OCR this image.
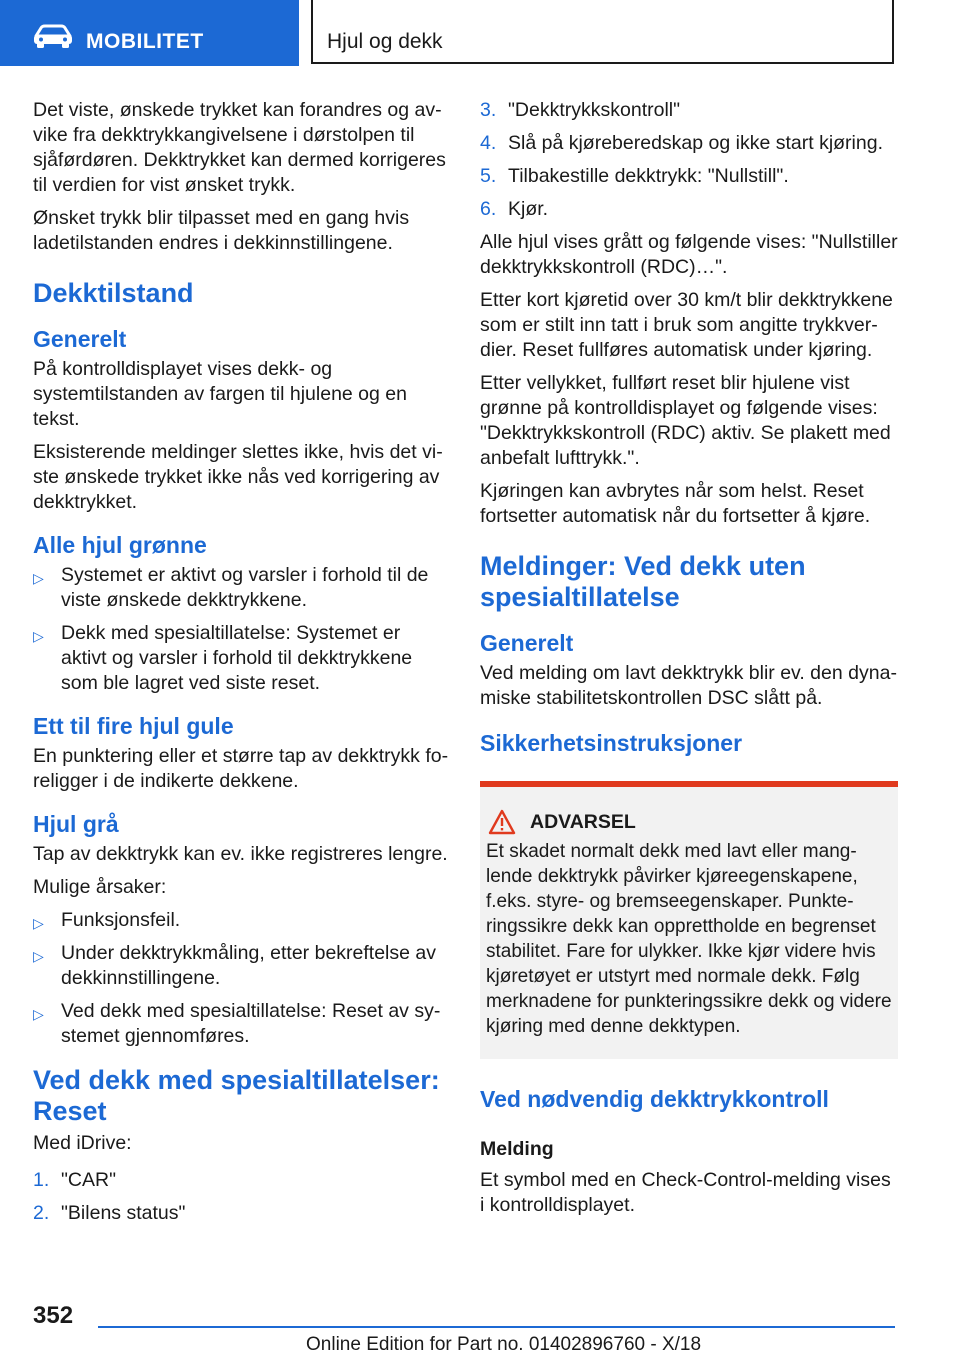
MOBILITET	Hjul og dekk

Det viste, ønskede trykket kan forandres og avvike fra dekktrykkangivelsene i dørstolpen til sjåførdøren. Dekktrykket kan dermed korrigeres til verdien for vist ønsket trykk.

Ønsket trykk blir tilpasset med en gang hvis ladetilstanden endres i dekkinnstillingene.

Dekktilstand
Generelt

På kontrolldisplayet vises dekk- og systemtilstanden av fargen til hjulene og en tekst.

Eksisterende meldinger slettes ikke, hvis det viste ønskede trykket ikke nås ved korrigering av dekktrykket.

Alle hjul grønne
▷ Systemet er aktivt og varsler i forhold til de viste ønskede dekktrykkene.
▷ Dekk med spesialtillatelse: Systemet er aktivt og varsler i forhold til dekktrykkene som ble lagret ved siste reset.
Ett til fire hjul gule

En punktering eller et større tap av dekktrykk foreligger i de indikerte dekkene.

Hjul grå

Tap av dekktrykk kan ev. ikke registreres lengre.

Mulige årsaker:

▷ Funksjonsfeil.
▷ Under dekktrykkmåling, etter bekreftelse av dekkinnstillingene.
▷ Ved dekk med spesialtillatelse: Reset av systemet gjennomføres.
Ved dekk med spesialtillatelser: Reset

Med iDrive:

1. "CAR"
2. "Bilens status"
3. "Dekktrykkskontroll"
4. Slå på kjøreberedskap og ikke start kjøring.
5. Tilbakestille dekktrykk: "Nullstill".
6. Kjør.

Alle hjul vises grått og følgende vises: "Nullstiller dekktrykkskontroll (RDC)…".

Etter kort kjøretid over 30 km/t blir dekktrykkene som er stilt inn tatt i bruk som angitte trykkverdier. Reset fullføres automatisk under kjøring.

Etter vellykket, fullført reset blir hjulene vist grønne på kontrolldisplayet og følgende vises: "Dekktrykkskontroll (RDC) aktiv. Se plakett med anbefalt lufttrykk.".

Kjøringen kan avbrytes når som helst. Reset fortsetter automatisk når du fortsetter å kjøre.

Meldinger: Ved dekk uten spesialtillatelse
Generelt

Ved melding om lavt dekktrykk blir ev. den dynamiske stabilitetskontrollen DSC slått på.

Sikkerhetsinstruksjoner
ADVARSEL
Et skadet normalt dekk med lavt eller manglende dekktrykk påvirker kjøreegenskapene, f.eks. styre- og bremseegenskaper. Punkteringssikre dekk kan opprettholde en begrenset stabilitet. Fare for ulykker. Ikke kjør videre hvis kjøretøyet er utstyrt med normale dekk. Følg merknadene for punkteringssikre dekk og videre kjøring med denne dekktypen.
Ved nødvendig dekktrykkontroll
Melding

Et symbol med en Check-Control-melding vises i kontrolldisplayet.

352
Online Edition for Part no. 01402896760 - X/18
